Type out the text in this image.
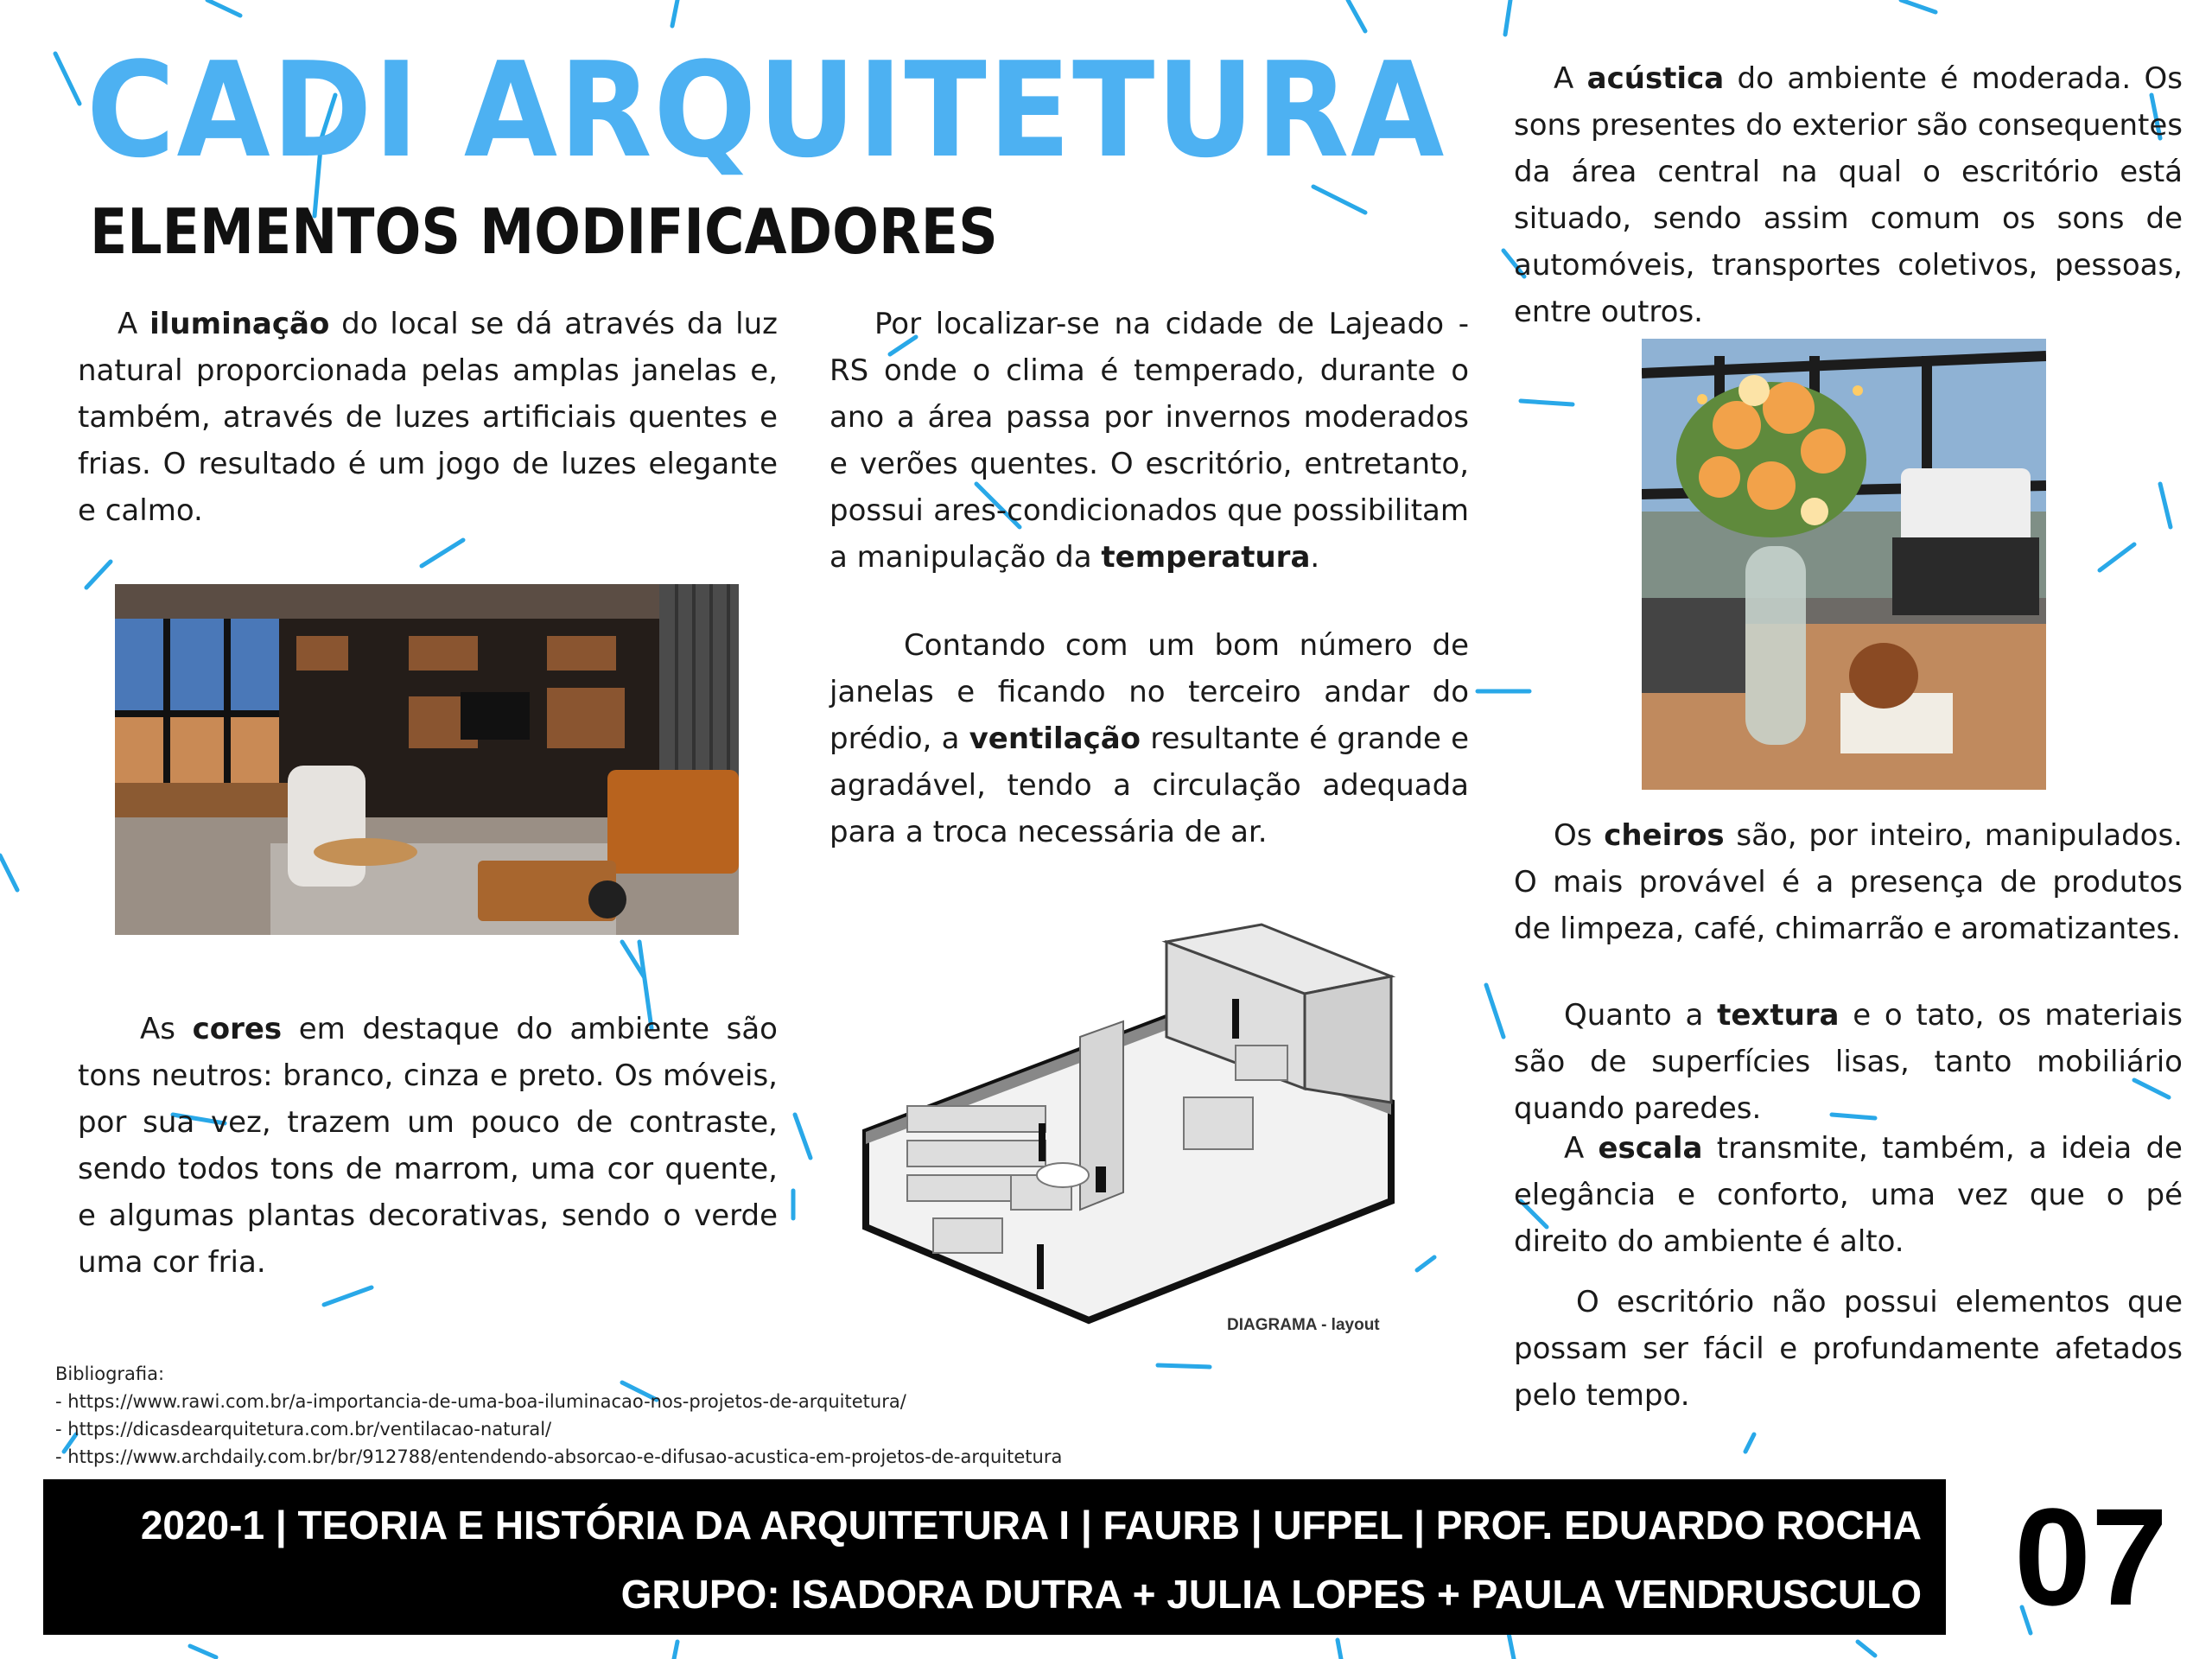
CADI ARQUITETURA
ELEMENTOS MODIFICADORES

A iluminação do local se dá através da luz natural proporcionada pelas amplas janelas e, também, através de luzes artificiais quentes e frias. O resultado é um jogo de luzes elegante e calmo.

As cores em destaque do ambiente são tons neutros: branco, cinza e preto. Os móveis, por sua vez, trazem um pouco de contraste, sendo todos tons de marrom, uma cor quente, e algumas plantas decorativas, sendo o verde uma cor fria.

Bibliografia:
- https://www.rawi.com.br/a-importancia-de-uma-boa-iluminacao-nos-projetos-de-arquitetura/
- https://dicasdearquitetura.com.br/ventilacao-natural/
- https://www.archdaily.com.br/br/912788/entendendo-absorcao-e-difusao-acustica-em-projetos-de-arquitetura

Por localizar-se na cidade de Lajeado - RS onde o clima é temperado, durante o ano a área passa por invernos moderados e verões quentes. O escritório, entretanto, possui ares-condicionados que possibilitam a manipulação da temperatura.

Contando com um bom número de janelas e ficando no terceiro andar do prédio, a ventilação resultante é grande e agradável, tendo a circulação adequada para a troca necessária de ar.

DIAGRAMA - layout

A acústica do ambiente é moderada. Os sons presentes do exterior são consequentes da área central na qual o escritório está situado, sendo assim comum os sons de automóveis, transportes coletivos, pessoas, entre outros.

Os cheiros são, por inteiro, manipulados. O mais provável é a presença de produtos de limpeza, café, chimarrão e aromatizantes.

Quanto a textura e o tato, os materiais são de superfícies lisas, tanto mobiliário quando paredes.

A escala transmite, também, a ideia de elegância e conforto, uma vez que o pé direito do ambiente é alto.

O escritório não possui elementos que possam ser fácil e profundamente afetados pelo tempo.

2020-1 | TEORIA E HISTÓRIA DA ARQUITETURA I | FAURB | UFPEL | PROF. EDUARDO ROCHA
GRUPO: ISADORA DUTRA + JULIA LOPES + PAULA VENDRUSCULO 07
